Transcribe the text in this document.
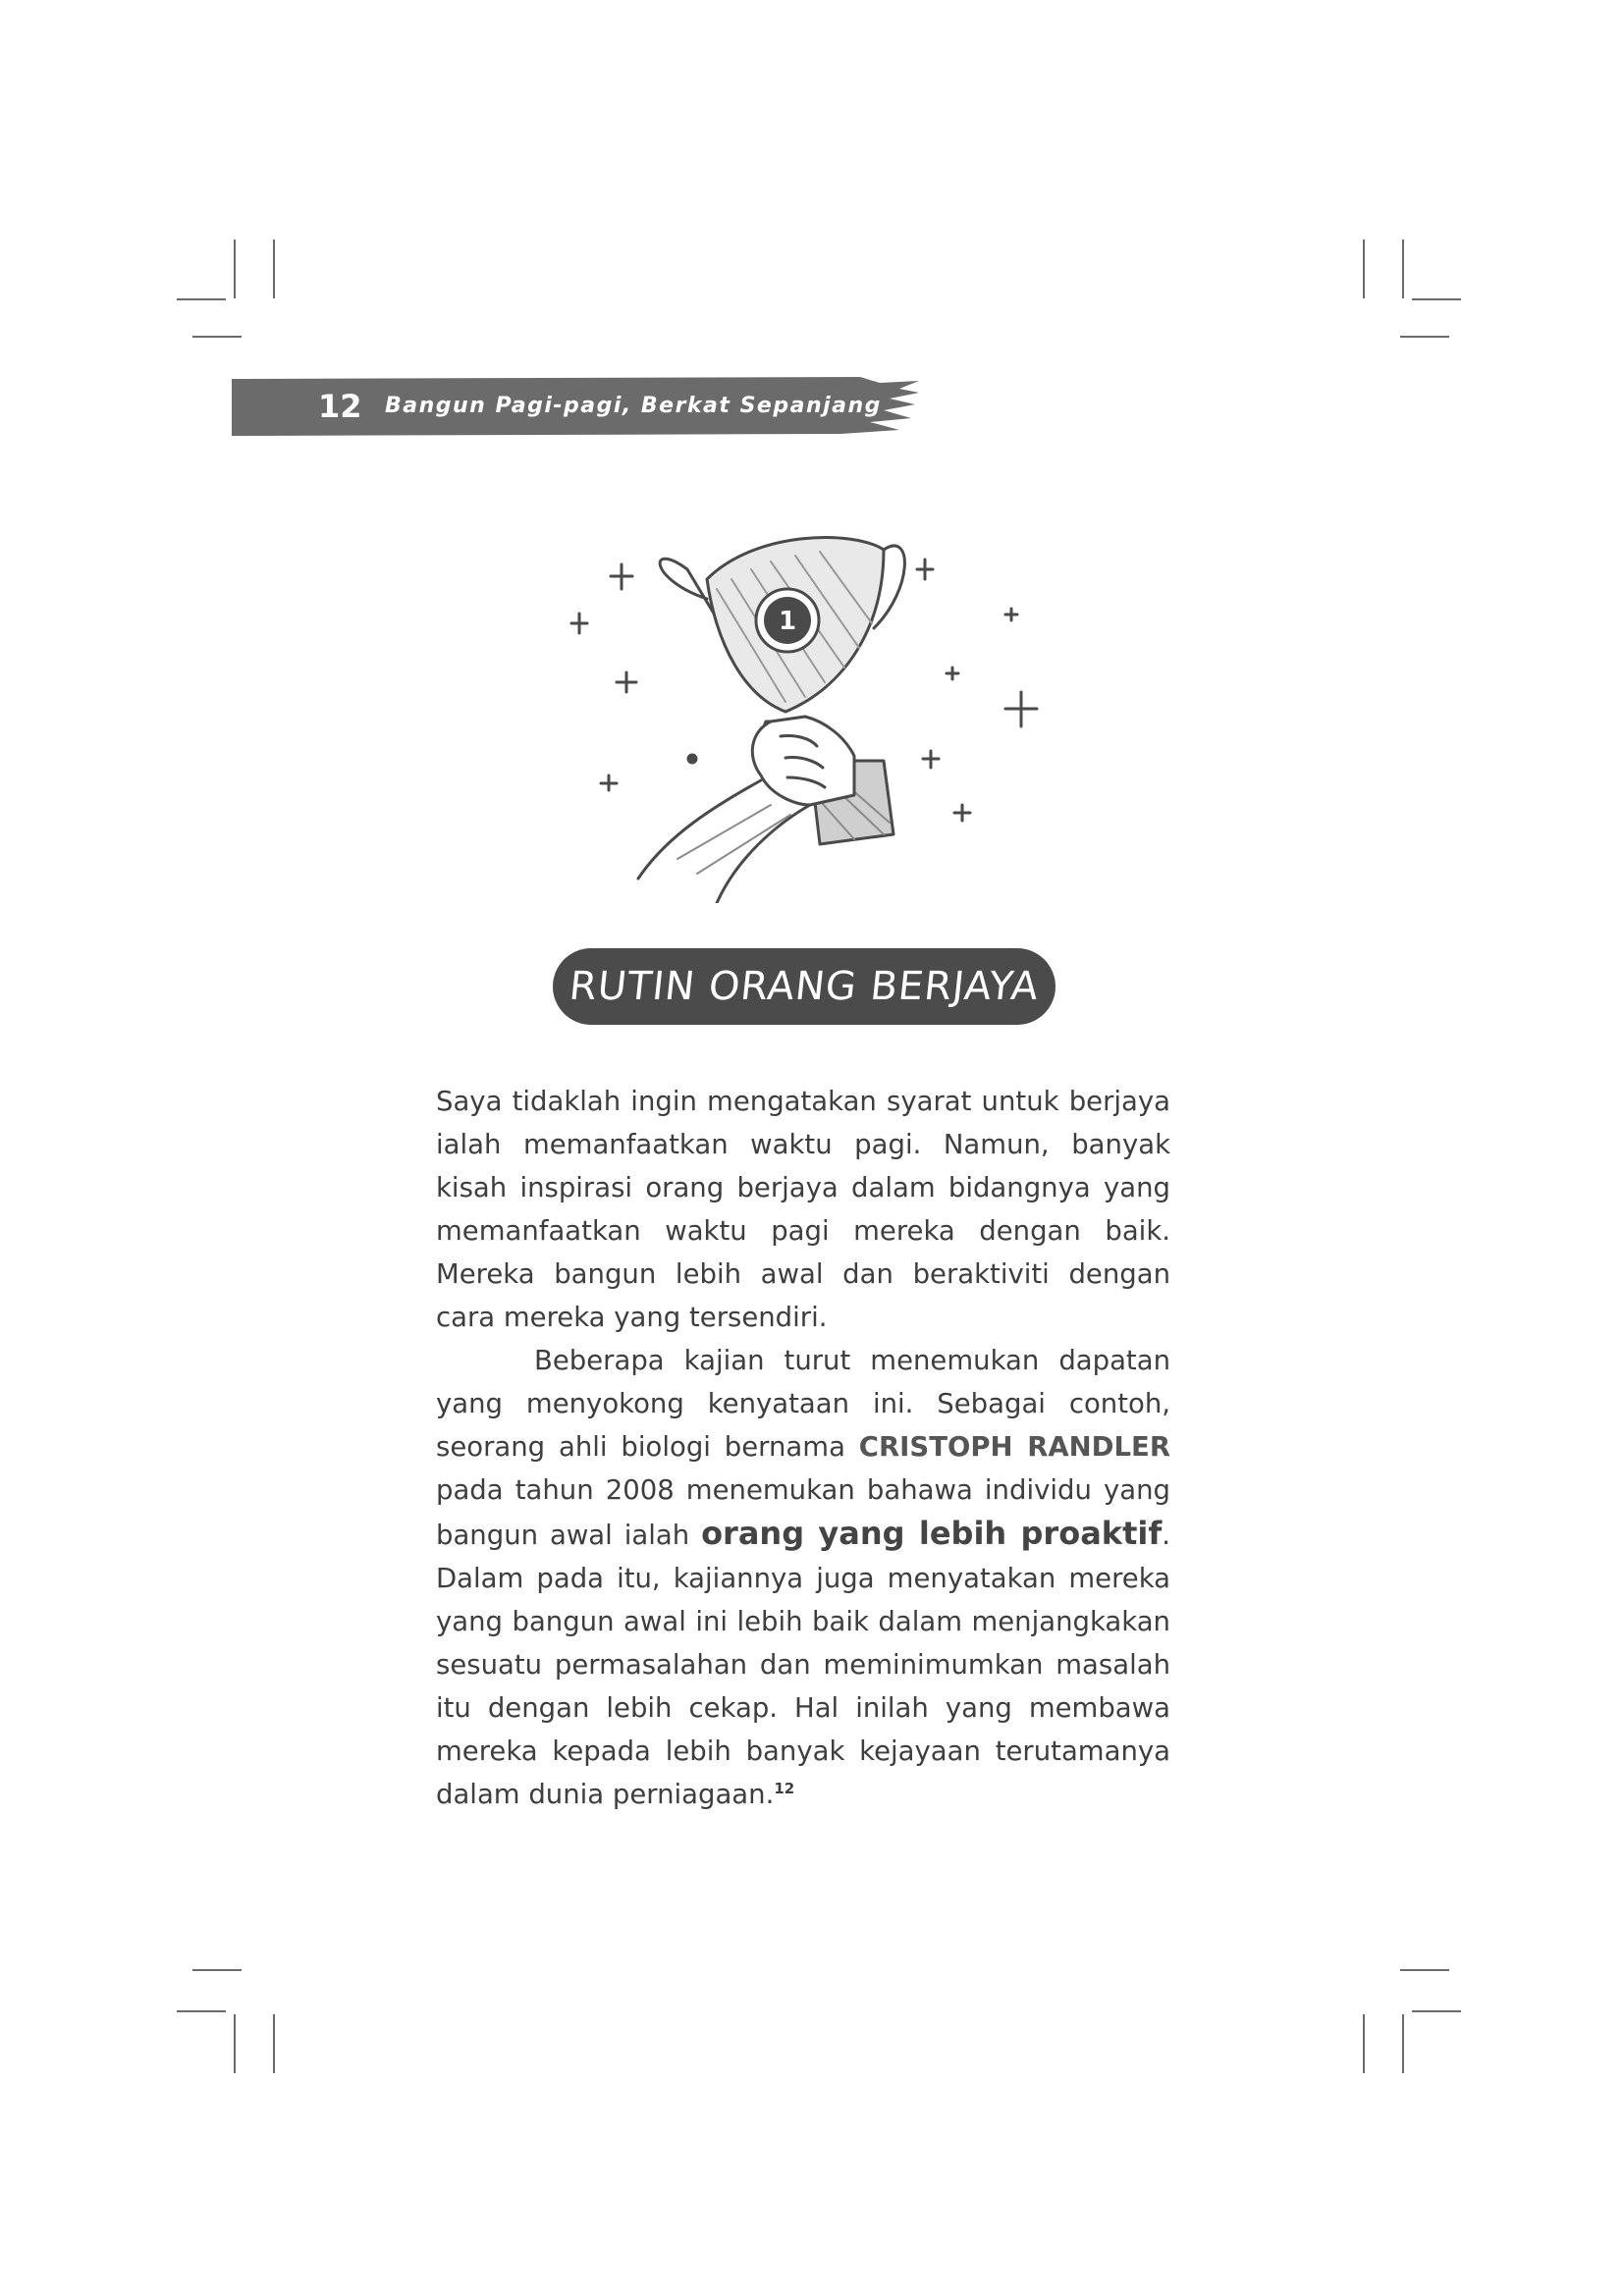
12 Bangun Pagi-pagi, Berkat Sepanjang Hari
1
RUTIN ORANG BERJAYA

Saya tidaklah ingin mengatakan syarat untuk berjaya ialah memanfaatkan waktu pagi. Namun, banyak kisah inspirasi orang berjaya dalam bidangnya yang memanfaatkan waktu pagi mereka dengan baik. Mereka bangun lebih awal dan beraktiviti dengan cara mereka yang tersendiri.

Beberapa kajian turut menemukan dapatan yang menyokong kenyataan ini. Sebagai contoh, seorang ahli biologi bernama CRISTOPH RANDLER pada tahun 2008 menemukan bahawa individu yang bangun awal ialah orang yang lebih proaktif. Dalam pada itu, kajiannya juga menyatakan mereka yang bangun awal ini lebih baik dalam menjangkakan sesuatu permasalahan dan meminimumkan masalah itu dengan lebih cekap. Hal inilah yang membawa mereka kepada lebih banyak kejayaan terutamanya dalam dunia perniagaan.$^{12}$
